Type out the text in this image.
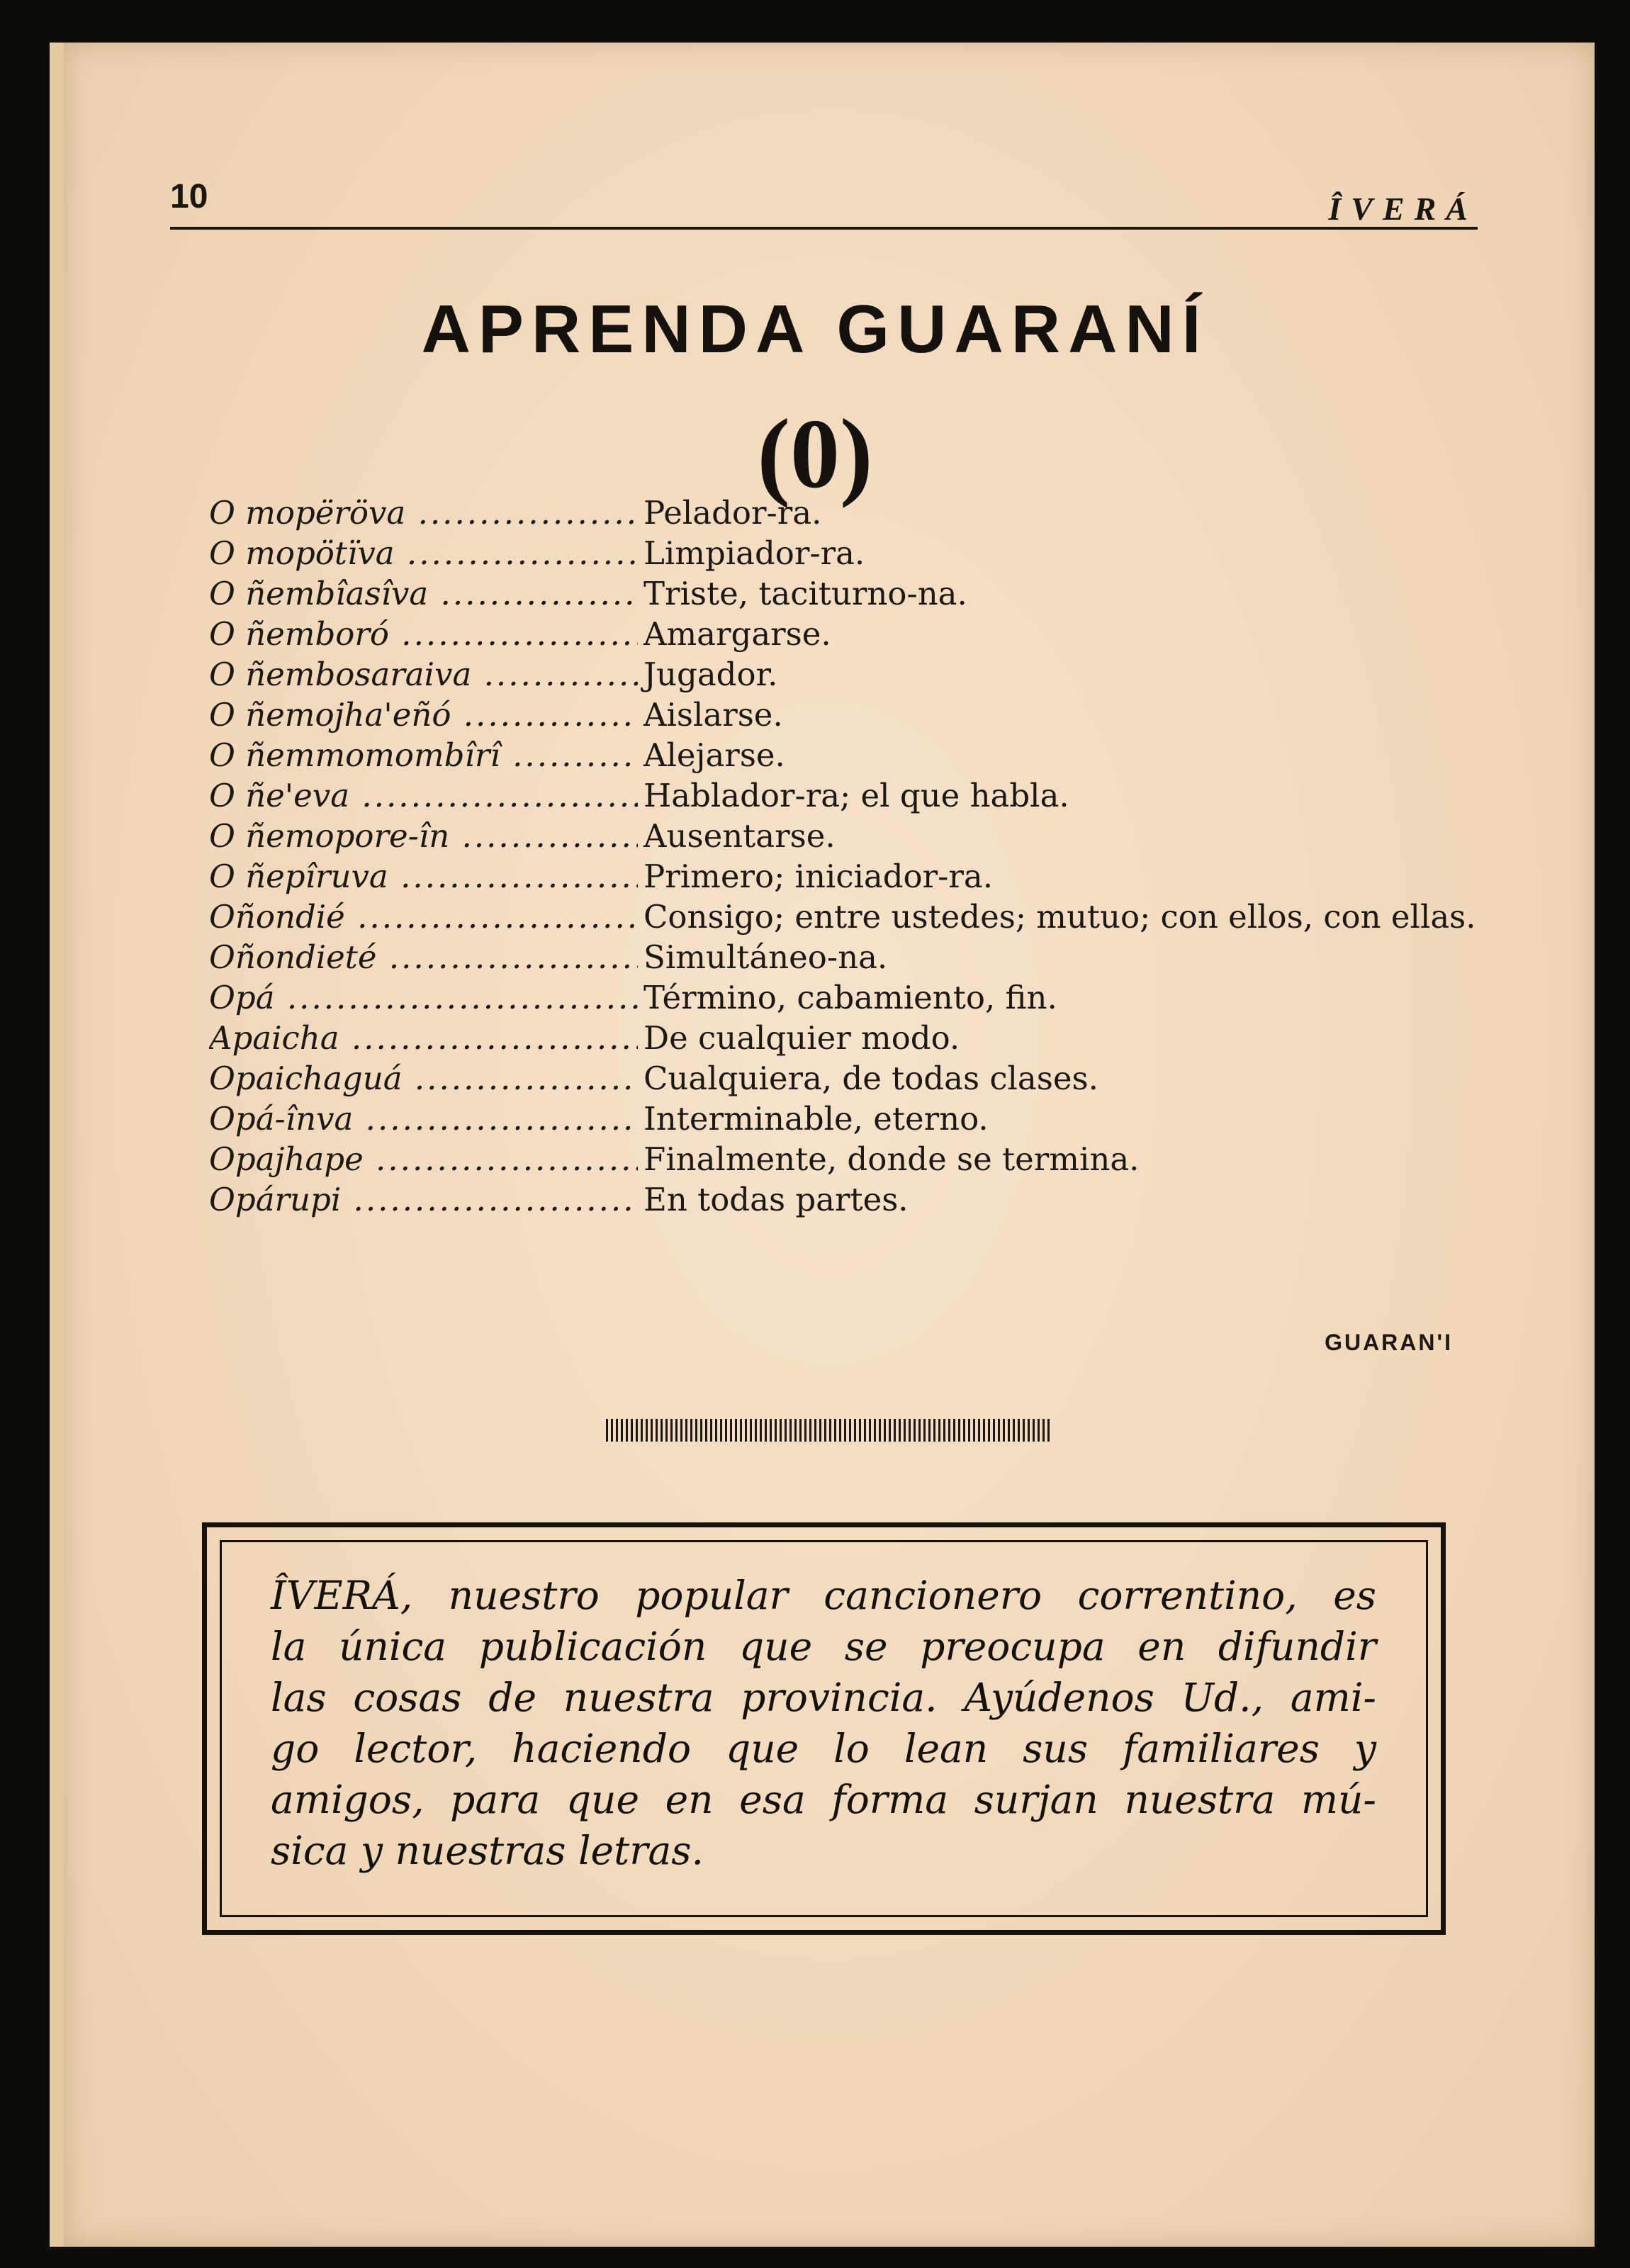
10	ÎVERÁ
APRENDA GUARANÍ
(0)
O mopëröva .....	Pelador-ra.
O mopötïva .....	Limpiador-ra.
O ñembîasîva .....	Triste, taciturno-na.
O ñemboró .....	Amargarse.
O ñembosaraiva .....	Jugador.
O ñemojha'eñó .....	Aislarse.
O ñemmomombîrî .....	Alejarse.
O ñe'eva .....	Hablador-ra; el que habla.
O ñemopore-în .....	Ausentarse.
O ñepîruva .....	Primero; iniciador-ra.
Oñondié .....	Consigo; entre ustedes; mutuo; con ellos, con ellas.
Oñondieté .....	Simultáneo-na.
Opá .....	Término, cabamiento, fin.
Apaicha .....	De cualquier modo.
Opaichaguá .....	Cualquiera, de todas clases.
Opá-înva .....	Interminable, eterno.
Opajhape .....	Finalmente, donde se termina.
Opárupi .....	En todas partes.
GUARAN'I
ÎVERÁ, nuestro popular cancionero correntino, es
la única publicación que se preocupa en difundir
las cosas de nuestra provincia. Ayúdenos Ud., ami-
go lector, haciendo que lo lean sus familiares y
amigos, para que en esa forma surjan nuestra mú-
sica y nuestras letras.
